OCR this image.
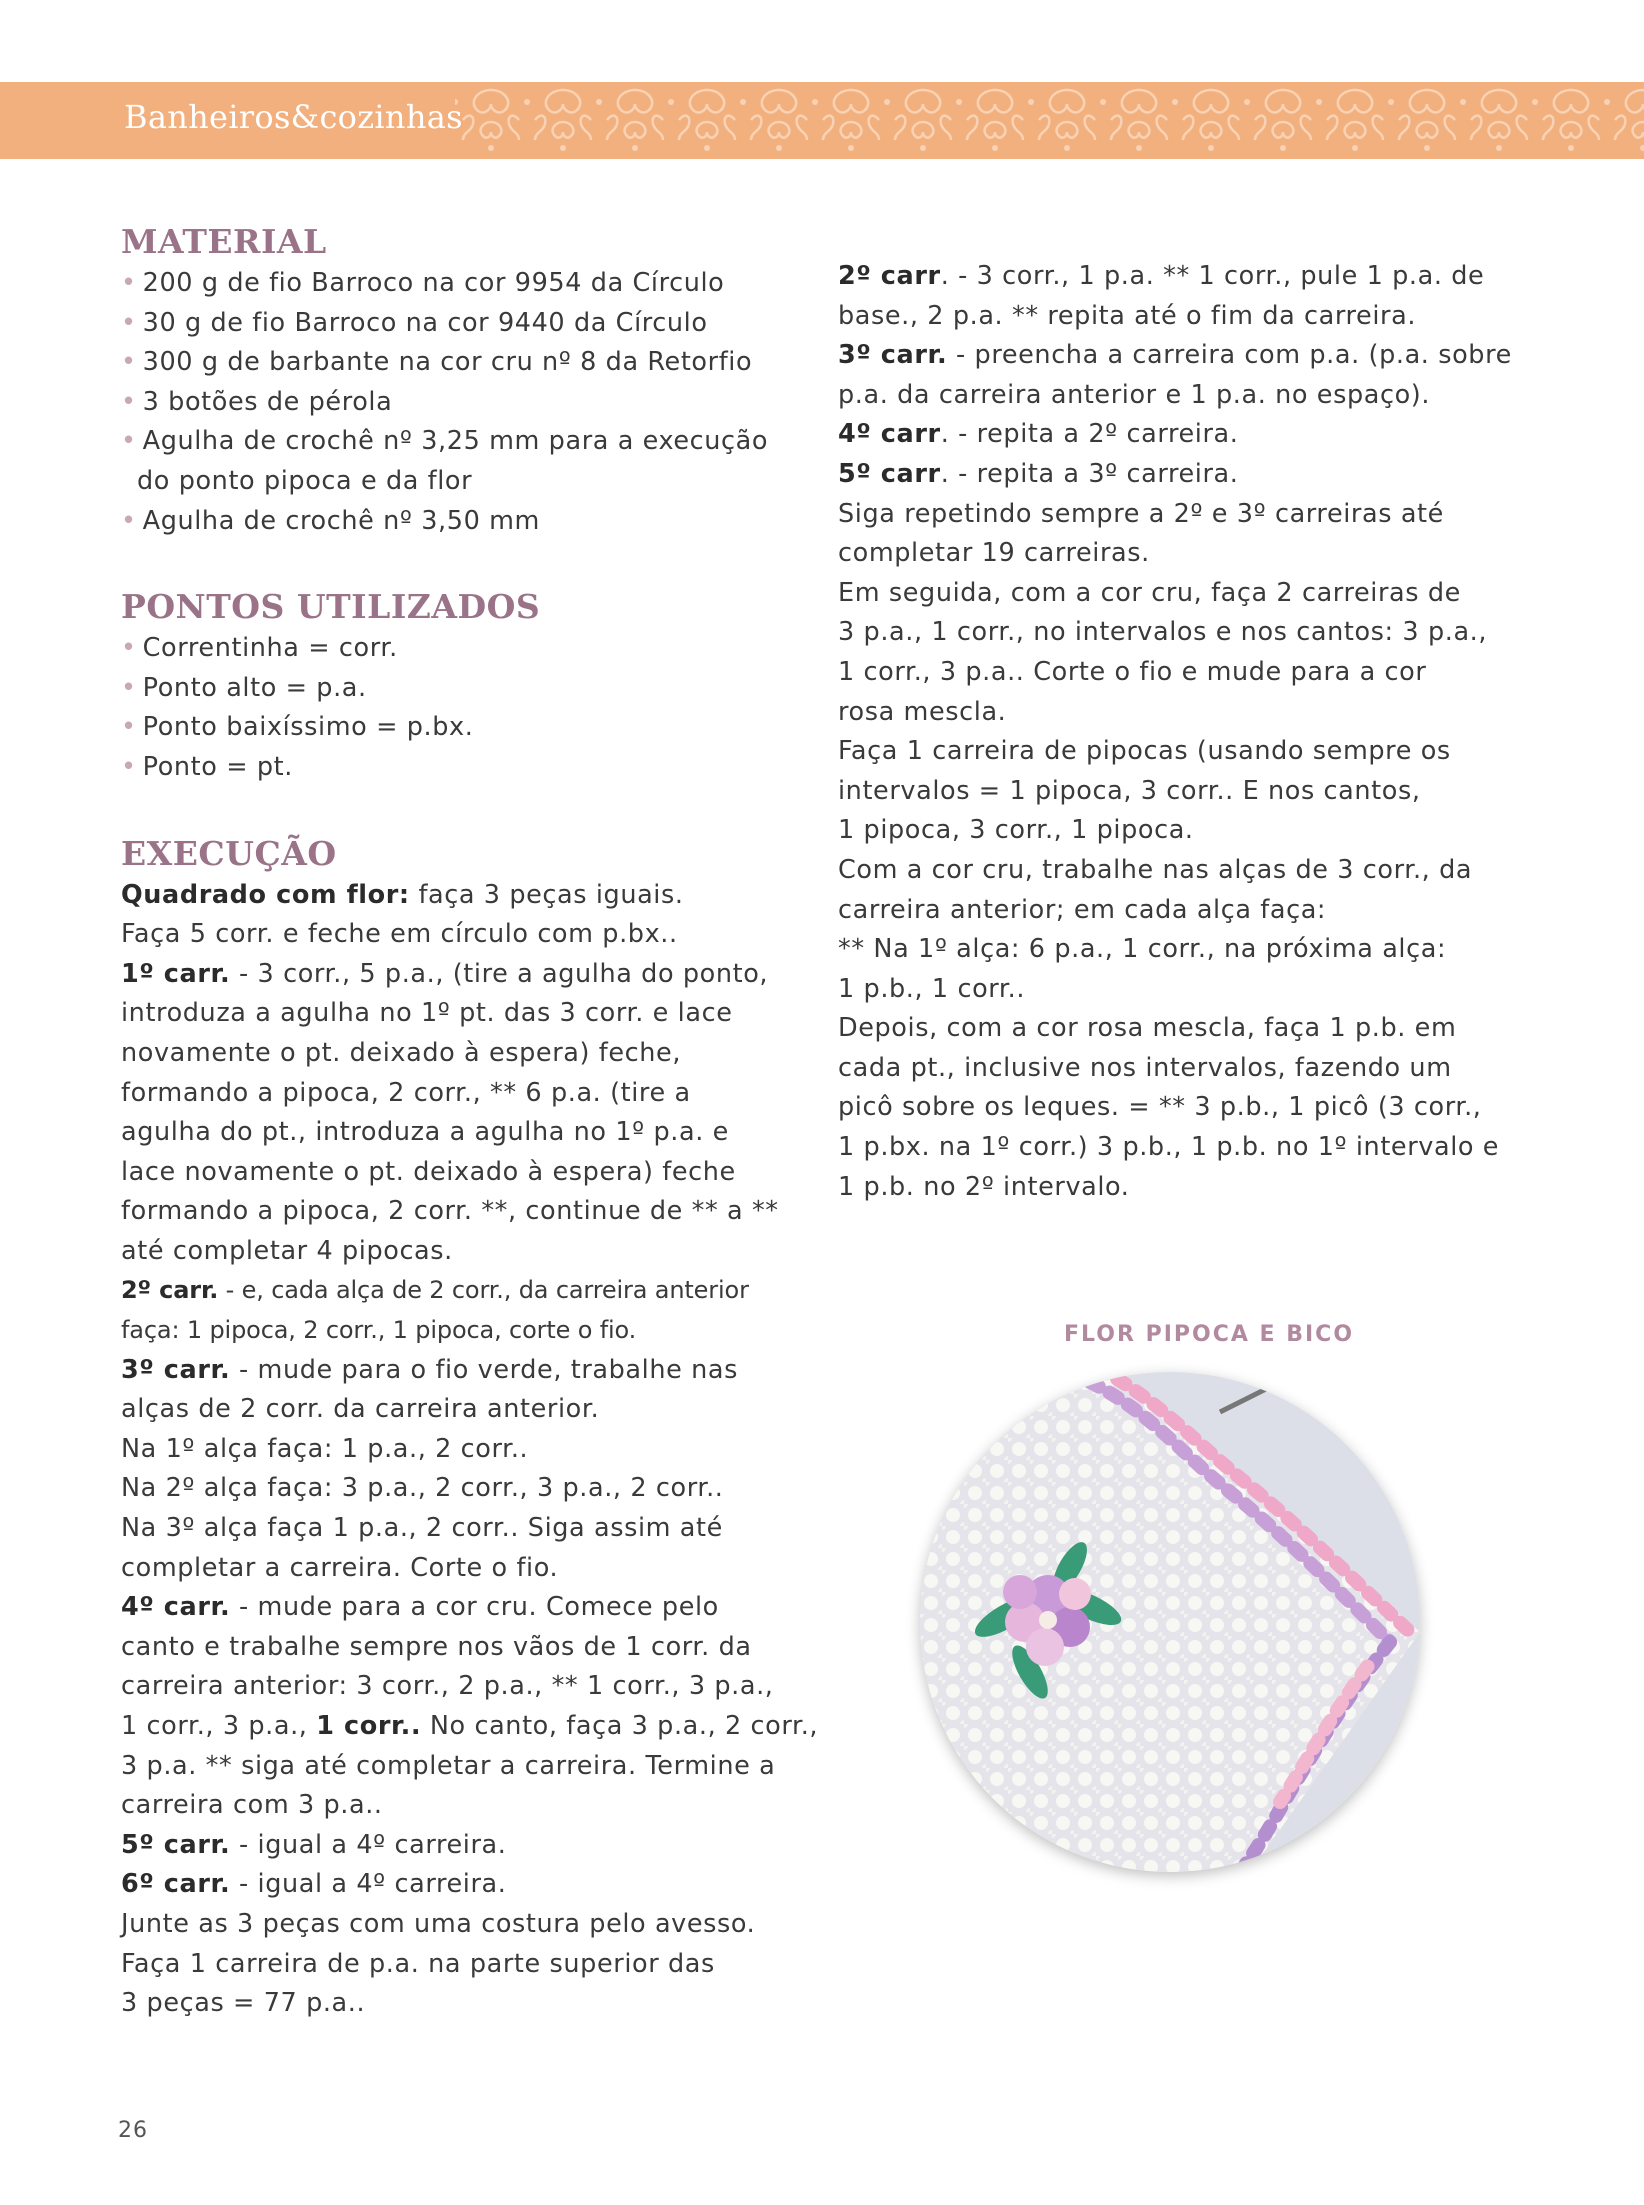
Banheiros&cozinhas
MATERIAL

• 200 g de fio Barroco na cor 9954 da Círculo

• 30 g de fio Barroco na cor 9440 da Círculo

• 300 g de barbante na cor cru nº 8 da Retorfio

• 3 botões de pérola

• Agulha de crochê nº 3,25 mm para a execução

do ponto pipoca e da flor

• Agulha de crochê nº 3,50 mm

PONTOS UTILIZADOS

• Correntinha = corr.

• Ponto alto = p.a.

• Ponto baixíssimo = p.bx.

• Ponto = pt.

EXECUÇÃO

Quadrado com flor: faça 3 peças iguais.

Faça 5 corr. e feche em círculo com p.bx..

1º carr. - 3 corr., 5 p.a., (tire a agulha do ponto,

introduza a agulha no 1º pt. das 3 corr. e lace

novamente o pt. deixado à espera) feche,

formando a pipoca, 2 corr., ** 6 p.a. (tire a

agulha do pt., introduza a agulha no 1º p.a. e

lace novamente o pt. deixado à espera) feche

formando a pipoca, 2 corr. **, continue de ** a **

até completar 4 pipocas.

2º carr. - e, cada alça de 2 corr., da carreira anterior

faça: 1 pipoca, 2 corr., 1 pipoca, corte o fio.

3º carr. - mude para o fio verde, trabalhe nas

alças de 2 corr. da carreira anterior.

Na 1º alça faça: 1 p.a., 2 corr..

Na 2º alça faça: 3 p.a., 2 corr., 3 p.a., 2 corr..

Na 3º alça faça 1 p.a., 2 corr.. Siga assim até

completar a carreira. Corte o fio.

4º carr. - mude para a cor cru. Comece pelo

canto e trabalhe sempre nos vãos de 1 corr. da

carreira anterior: 3 corr., 2 p.a., ** 1 corr., 3 p.a.,

1 corr., 3 p.a., 1 corr.. No canto, faça 3 p.a., 2 corr.,

3 p.a. ** siga até completar a carreira. Termine a

carreira com 3 p.a..

5º carr. - igual a 4º carreira.

6º carr. - igual a 4º carreira.

Junte as 3 peças com uma costura pelo avesso.

Faça 1 carreira de p.a. na parte superior das

3 peças = 77 p.a..

2º carr. - 3 corr., 1 p.a. ** 1 corr., pule 1 p.a. de

base., 2 p.a. ** repita até o fim da carreira.

3º carr. - preencha a carreira com p.a. (p.a. sobre

p.a. da carreira anterior e 1 p.a. no espaço).

4º carr. - repita a 2º carreira.

5º carr. - repita a 3º carreira.

Siga repetindo sempre a 2º e 3º carreiras até

completar 19 carreiras.

Em seguida, com a cor cru, faça 2 carreiras de

3 p.a., 1 corr., no intervalos e nos cantos: 3 p.a.,

1 corr., 3 p.a.. Corte o fio e mude para a cor

rosa mescla.

Faça 1 carreira de pipocas (usando sempre os

intervalos = 1 pipoca, 3 corr.. E nos cantos,

1 pipoca, 3 corr., 1 pipoca.

Com a cor cru, trabalhe nas alças de 3 corr., da

carreira anterior; em cada alça faça:

** Na 1º alça: 6 p.a., 1 corr., na próxima alça:

1 p.b., 1 corr..

Depois, com a cor rosa mescla, faça 1 p.b. em

cada pt., inclusive nos intervalos, fazendo um

picô sobre os leques. = ** 3 p.b., 1 picô (3 corr.,

1 p.bx. na 1º corr.) 3 p.b., 1 p.b. no 1º intervalo e

1 p.b. no 2º intervalo.

FLOR PIPOCA E BICO
26
